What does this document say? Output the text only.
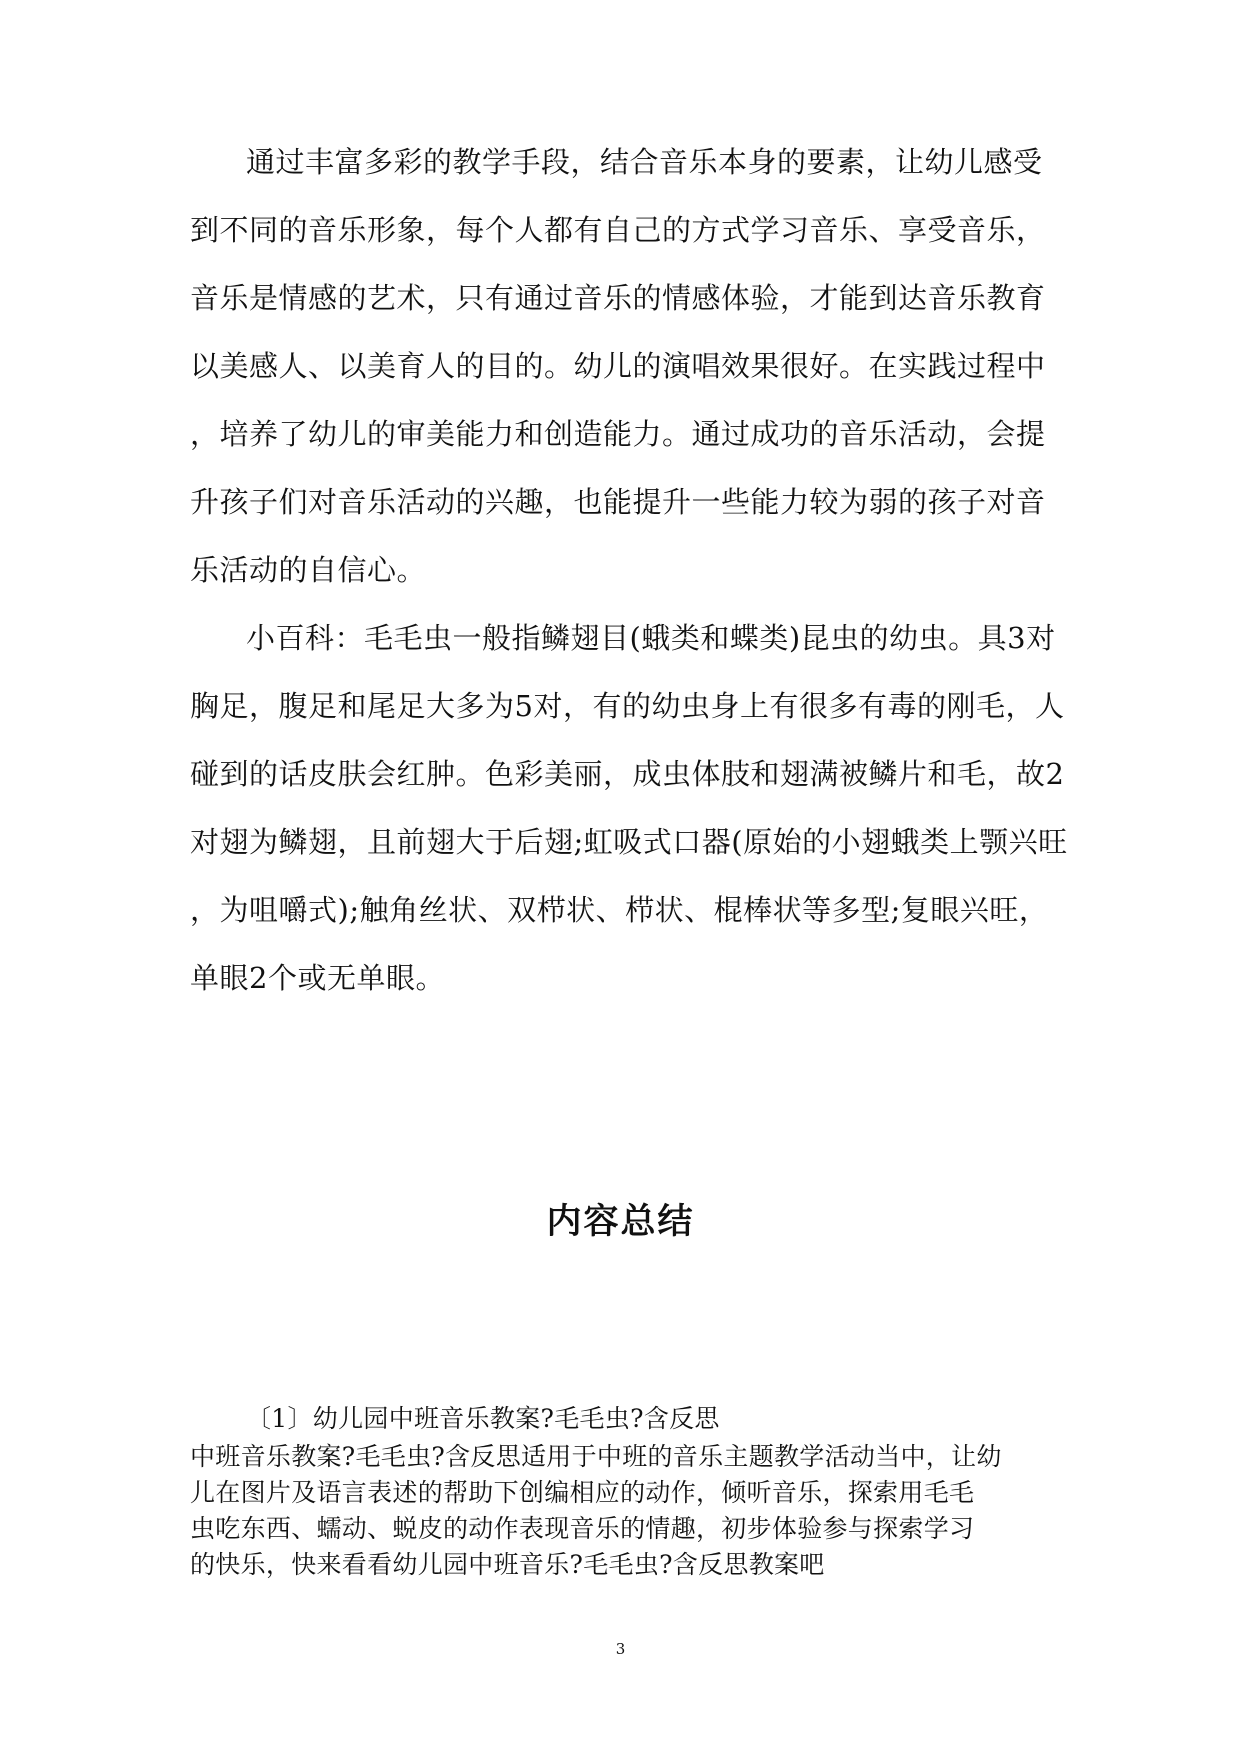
通过丰富多彩的教学手段，结合音乐本身的要素，让幼儿感受
到不同的音乐形象，每个人都有自己的方式学习音乐、享受音乐，
音乐是情感的艺术，只有通过音乐的情感体验，才能到达音乐教育
以美感人、以美育人的目的。幼儿的演唱效果很好。在实践过程中
，培养了幼儿的审美能力和创造能力。通过成功的音乐活动，会提
升孩子们对音乐活动的兴趣，也能提升一些能力较为弱的孩子对音
乐活动的自信心。
小百科：毛毛虫一般指鳞翅目(蛾类和蝶类)昆虫的幼虫。具3对
胸足，腹足和尾足大多为5对，有的幼虫身上有很多有毒的刚毛，人
碰到的话皮肤会红肿。色彩美丽，成虫体肢和翅满被鳞片和毛，故2
对翅为鳞翅，且前翅大于后翅;虹吸式口器(原始的小翅蛾类上颚兴旺
，为咀嚼式);触角丝状、双栉状、栉状、棍棒状等多型;复眼兴旺，
单眼2个或无单眼。
内容总结
〔1〕幼儿园中班音乐教案?毛毛虫?含反思
中班音乐教案?毛毛虫?含反思适用于中班的音乐主题教学活动当中，让幼
儿在图片及语言表述的帮助下创编相应的动作，倾听音乐，探索用毛毛
虫吃东西、蠕动、蜕皮的动作表现音乐的情趣，初步体验参与探索学习
的快乐，快来看看幼儿园中班音乐?毛毛虫?含反思教案吧
3
